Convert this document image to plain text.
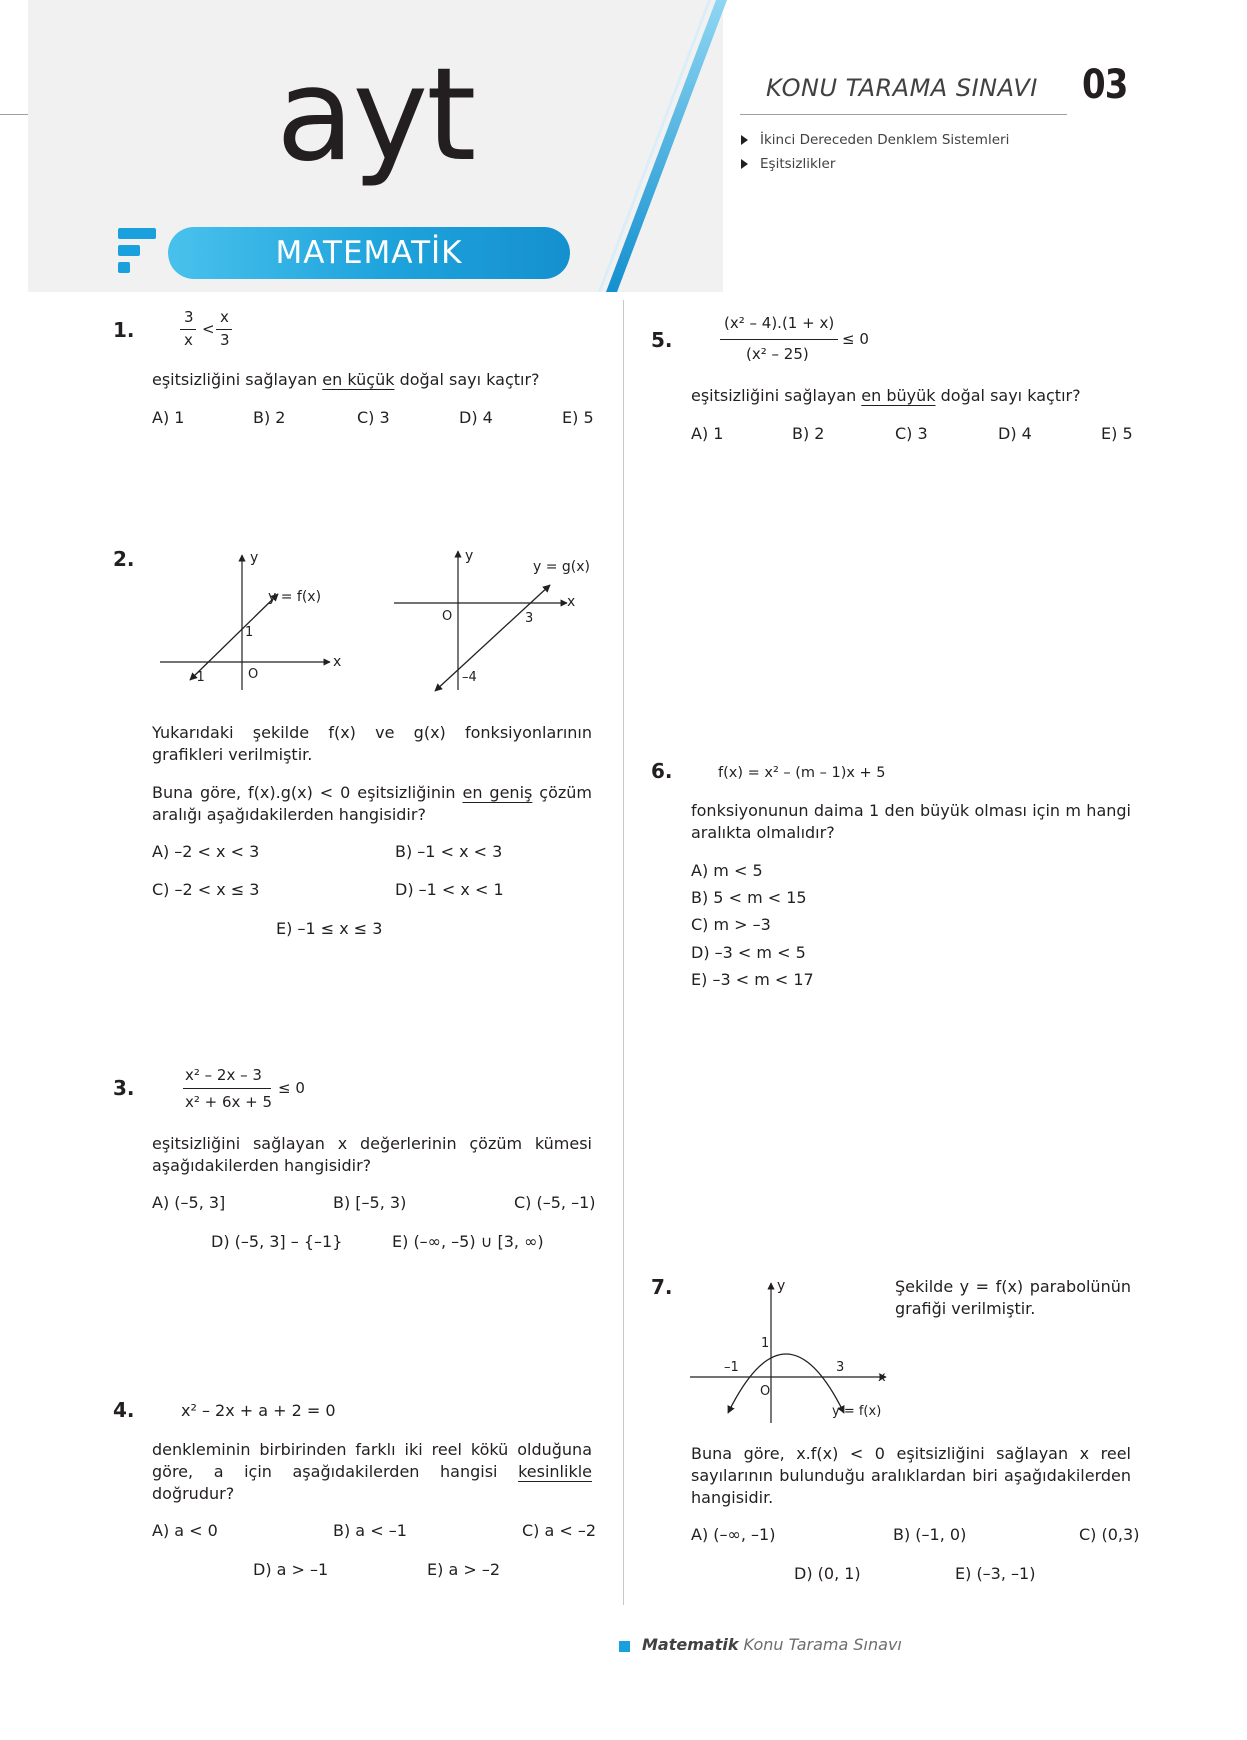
ayt
MATEMATİK
KONU TARAMA SINAVI 03
İkinci Dereceden Denklem Sistemleri
Eşitsizlikler
1.
3
x
<
x
3
eşitsizliğini sağlayan en küçük doğal sayı kaçtır?
A) 1	B) 2	C) 3	D) 4	E) 5
2.	y
x
y = f(x)
1
–1	O
y
x
y = g(x)
3
–4
O
Yukarıdaki şekilde f(x) ve g(x) fonksiyonlarının grafikleri verilmiştir.
Buna göre, f(x).g(x) < 0 eşitsizliğinin en geniş çözüm aralığı aşağıdakilerden hangisidir?
A) –2 < x < 3	B) –1 < x < 3
C) –2 < x ≤ 3	D) –1 < x < 1
E) –1 ≤ x ≤ 3
3.
x² – 2x – 3
x² + 6x + 5
≤ 0
eşitsizliğini sağlayan x değerlerinin çözüm kümesi aşağıdakilerden hangisidir?
A) (–5, 3]	B) [–5, 3)	C) (–5, –1)
D) (–5, 3] – {–1}	E) (–∞, –5) ∪ [3, ∞)
4.	x² – 2x + a + 2 = 0
denkleminin birbirinden farklı iki reel kökü olduğuna göre, a için aşağıdakilerden hangisi kesinlikle doğrudur?
A) a < 0	B) a < –1	C) a < –2
D) a > –1	E) a > –2
5.
(x² – 4).(1 + x)
(x² – 25)
≤ 0
eşitsizliğini sağlayan en büyük doğal sayı kaçtır?
A) 1	B) 2	C) 3	D) 4	E) 5
6.	f(x) = x² – (m – 1)x + 5
fonksiyonunun daima 1 den büyük olması için m hangi aralıkta olmalıdır?
A) m < 5
B) 5 < m < 15
C) m > –3
D) –3 < m < 5
E) –3 < m < 17
7.	y
x
1
–1	3
O
y = f(x)
Şekilde y = f(x) parabolünün grafiği verilmiştir.
Buna göre, x.f(x) < 0 eşitsizliğini sağlayan x reel sayılarının bulunduğu aralıklardan biri aşağıdakilerden hangisidir.
A) (–∞, –1)	B) (–1, 0)	C) (0,3)
D) (0, 1)	E) (–3, –1)
Matematik Konu Tarama Sınavı
